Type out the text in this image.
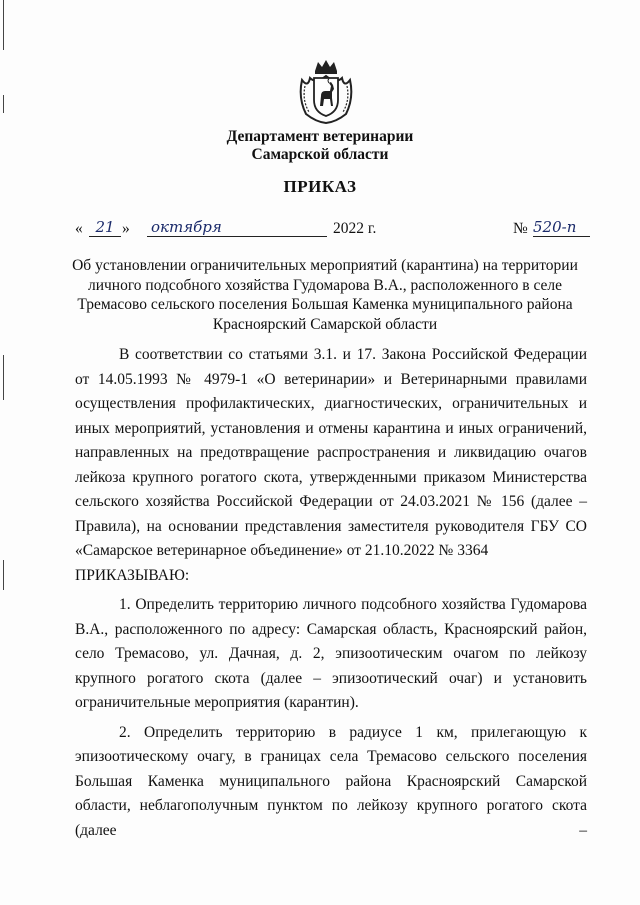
Департамент ветеринарии
Самарской области
ПРИКАЗ
« 21 » октября	2022 г.	№ 520-п
Об установлении ограничительных мероприятий (карантина) на территории личного подсобного хозяйства Гудомарова В.А., расположенного в селе Тремасово сельского поселения Большая Каменка муниципального района Красноярский Самарской области

В соответствии со статьями 3.1. и 17. Закона Российской Федерации от 14.05.1993 № 4979-1 «О ветеринарии» и Ветеринарными правилами осуществления профилактических, диагностических, ограничительных и иных мероприятий, установления и отмены карантина и иных ограничений, направленных на предотвращение распространения и ликвидацию очагов лейкоза крупного рогатого скота, утвержденными приказом Министерства сельского хозяйства Российской Федерации от 24.03.2021 № 156 (далее – Правила), на основании представления заместителя руководителя ГБУ СО «Самарское ветеринарное объединение» от 21.10.2022 № 3364

ПРИКАЗЫВАЮ:

1. Определить территорию личного подсобного хозяйства Гудомарова В.А., расположенного по адресу: Самарская область, Красноярский район, село Тремасово, ул. Дачная, д. 2, эпизоотическим очагом по лейкозу крупного рогатого скота (далее – эпизоотический очаг) и установить ограничительные мероприятия (карантин).

2. Определить территорию в радиусе 1 км, прилегающую к эпизоотическому очагу, в границах села Тремасово сельского поселения Большая Каменка муниципального района Красноярский Самарской области, неблагополучным пунктом по лейкозу крупного рогатого скота (далее –
